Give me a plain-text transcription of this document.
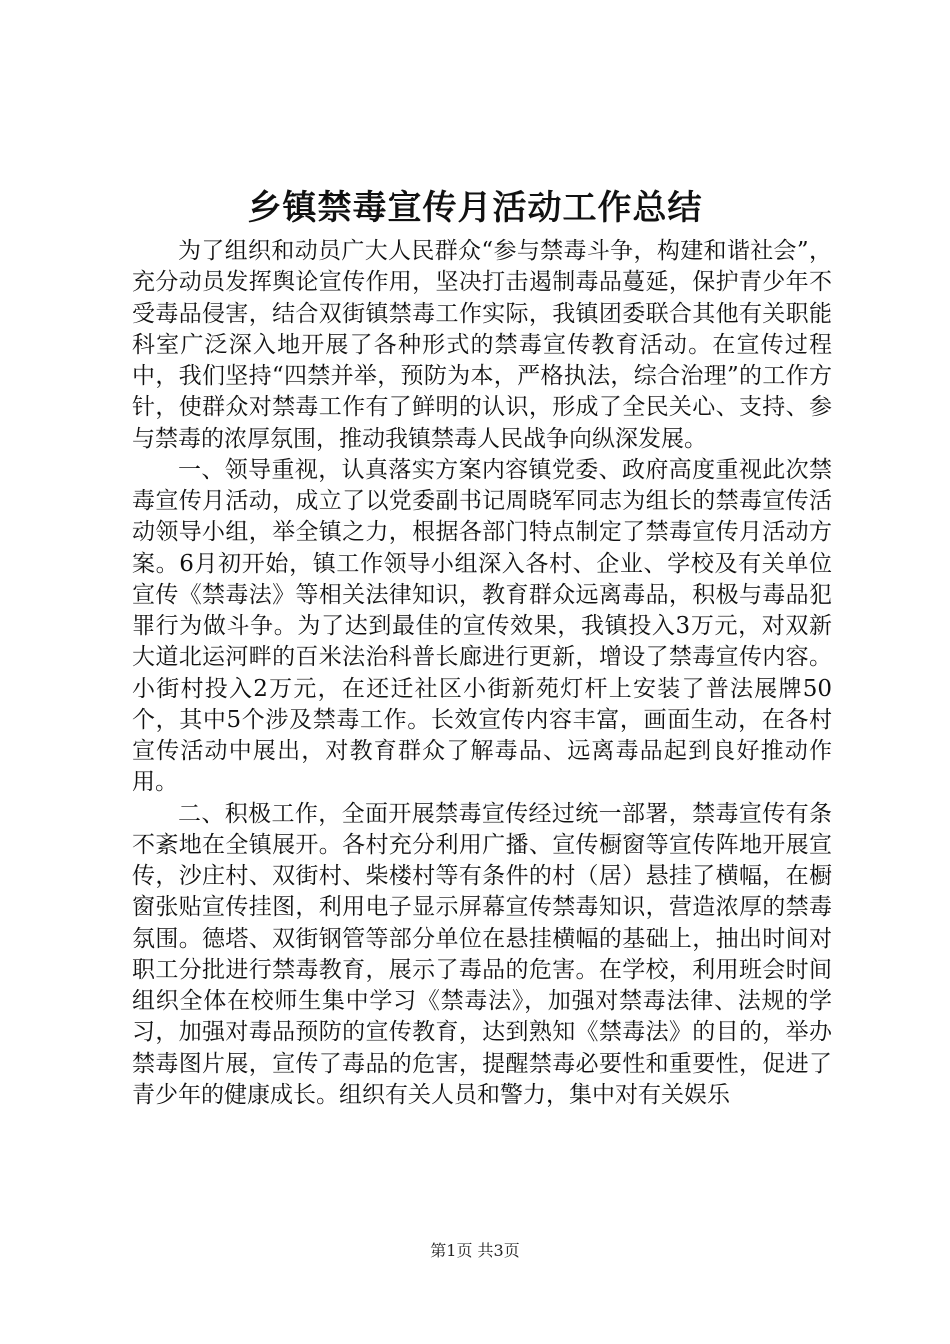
乡镇禁毒宣传月活动工作总结

为了组织和动员广大人民群众“参与禁毒斗争，构建和谐社会”，充分动员发挥舆论宣传作用，坚决打击遏制毒品蔓延，保护青少年不受毒品侵害，结合双街镇禁毒工作实际，我镇团委联合其他有关职能科室广泛深入地开展了各种形式的禁毒宣传教育活动。在宣传过程中，我们坚持“四禁并举，预防为本，严格执法，综合治理”的工作方针，使群众对禁毒工作有了鲜明的认识，形成了全民关心、支持、参与禁毒的浓厚氛围，推动我镇禁毒人民战争向纵深发展。

一、领导重视，认真落实方案内容镇党委、政府高度重视此次禁毒宣传月活动，成立了以党委副书记周晓军同志为组长的禁毒宣传活动领导小组，举全镇之力，根据各部门特点制定了禁毒宣传月活动方案。6月初开始，镇工作领导小组深入各村、企业、学校及有关单位宣传《禁毒法》等相关法律知识，教育群众远离毒品，积极与毒品犯罪行为做斗争。为了达到最佳的宣传效果，我镇投入3万元，对双新大道北运河畔的百米法治科普长廊进行更新，增设了禁毒宣传内容。小街村投入2万元，在还迁社区小街新苑灯杆上安装了普法展牌50个，其中5个涉及禁毒工作。长效宣传内容丰富，画面生动，在各村宣传活动中展出，对教育群众了解毒品、远离毒品起到良好推动作用。

二、积极工作，全面开展禁毒宣传经过统一部署，禁毒宣传有条不紊地在全镇展开。各村充分利用广播、宣传橱窗等宣传阵地开展宣传，沙庄村、双街村、柴楼村等有条件的村（居）悬挂了横幅，在橱窗张贴宣传挂图，利用电子显示屏幕宣传禁毒知识，营造浓厚的禁毒氛围。德塔、双街钢管等部分单位在悬挂横幅的基础上，抽出时间对职工分批进行禁毒教育，展示了毒品的危害。在学校，利用班会时间组织全体在校师生集中学习《禁毒法》，加强对禁毒法律、法规的学习，加强对毒品预防的宣传教育，达到熟知《禁毒法》的目的，举办禁毒图片展，宣传了毒品的危害，提醒禁毒必要性和重要性，促进了青少年的健康成长。组织有关人员和警力，集中对有关娱乐

第1页 共3页
